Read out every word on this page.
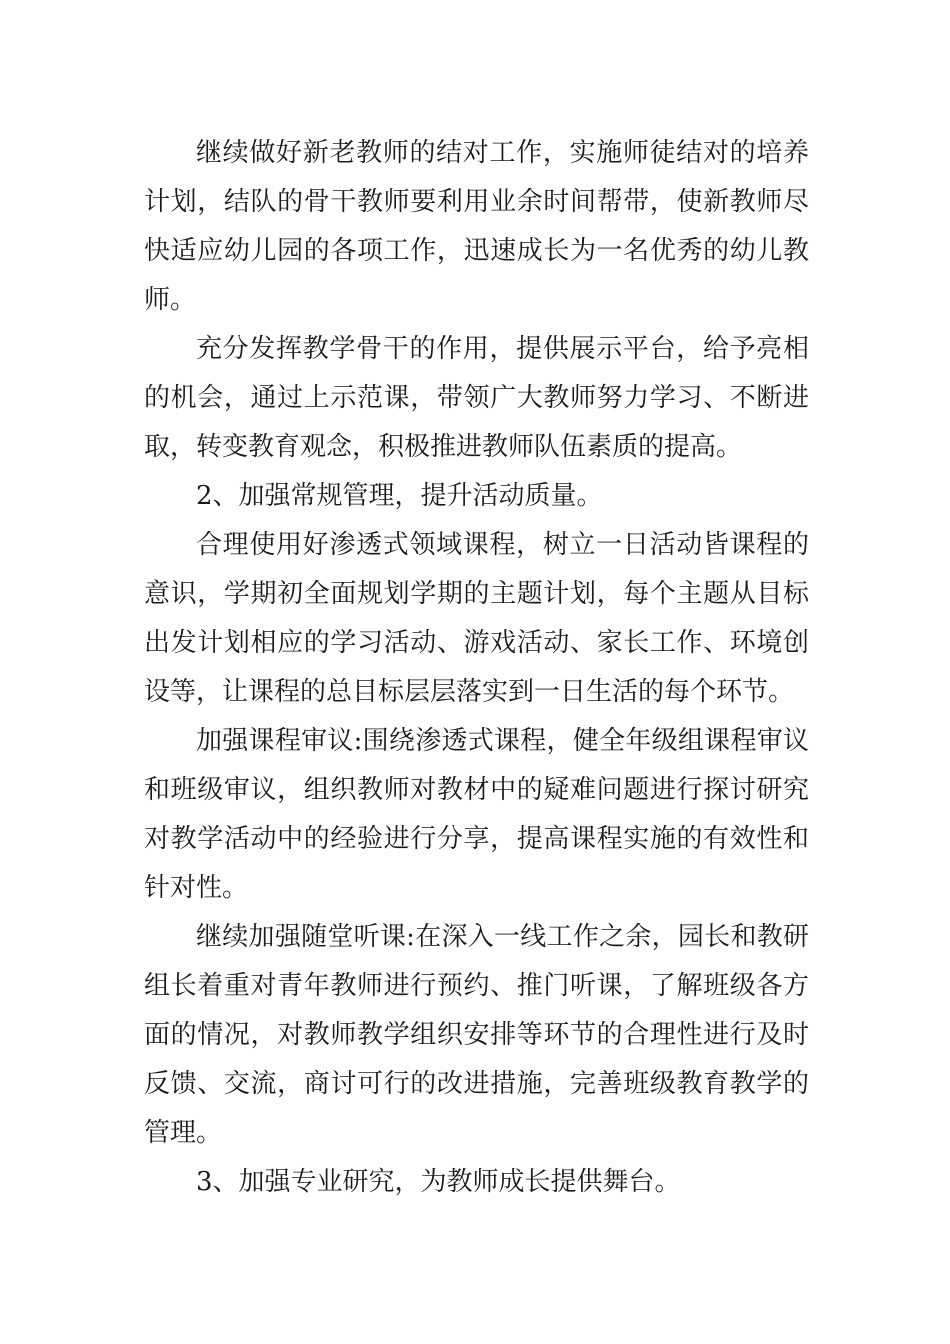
继续做好新老教师的结对工作，实施师徒结对的培养计划，结队的骨干教师要利用业余时间帮带，使新教师尽快适应幼儿园的各项工作，迅速成长为一名优秀的幼儿教师。

充分发挥教学骨干的作用，提供展示平台，给予亮相的机会，通过上示范课，带领广大教师努力学习、不断进取，转变教育观念，积极推进教师队伍素质的提高。

2、加强常规管理，提升活动质量。

合理使用好渗透式领域课程，树立一日活动皆课程的意识，学期初全面规划学期的主题计划，每个主题从目标出发计划相应的学习活动、游戏活动、家长工作、环境创设等，让课程的总目标层层落实到一日生活的每个环节。

加强课程审议:围绕渗透式课程，健全年级组课程审议和班级审议，组织教师对教材中的疑难问题进行探讨研究对教学活动中的经验进行分享，提高课程实施的有效性和针对性。

继续加强随堂听课:在深入一线工作之余，园长和教研组长着重对青年教师进行预约、推门听课，了解班级各方面的情况，对教师教学组织安排等环节的合理性进行及时反馈、交流，商讨可行的改进措施，完善班级教育教学的管理。

3、加强专业研究，为教师成长提供舞台。
